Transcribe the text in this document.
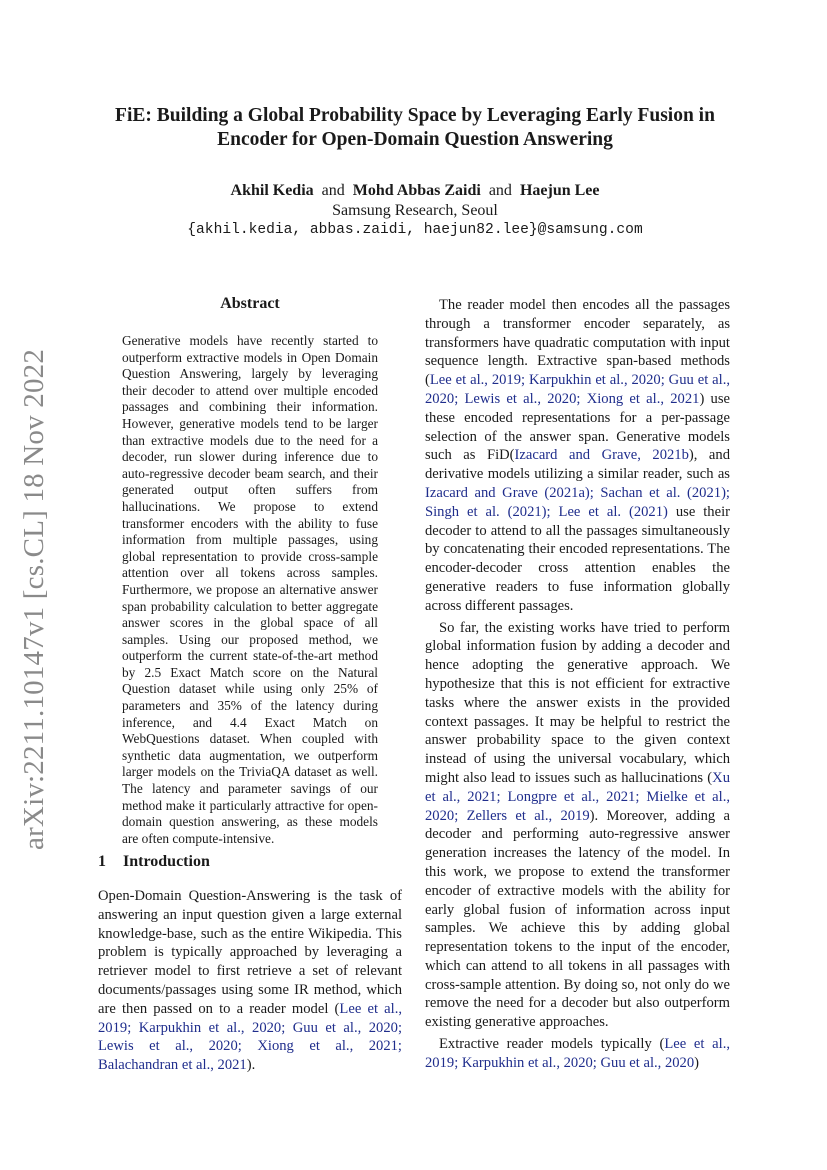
arXiv:2211.10147v1 [cs.CL] 18 Nov 2022
FiE: Building a Global Probability Space by Leveraging Early Fusion in Encoder for Open-Domain Question Answering
Akhil Kedia and Mohd Abbas Zaidi and Haejun Lee
Samsung Research, Seoul
{akhil.kedia, abbas.zaidi, haejun82.lee}@samsung.com
Abstract
Generative models have recently started to outperform extractive models in Open Domain Question Answering, largely by leveraging their decoder to attend over multiple encoded passages and combining their information. However, generative models tend to be larger than extractive models due to the need for a decoder, run slower during inference due to auto-regressive decoder beam search, and their generated output often suffers from hallucinations. We propose to extend transformer encoders with the ability to fuse information from multiple passages, using global representation to provide cross-sample attention over all tokens across samples. Furthermore, we propose an alternative answer span probability calculation to better aggregate answer scores in the global space of all samples. Using our proposed method, we outperform the current state-of-the-art method by 2.5 Exact Match score on the Natural Question dataset while using only 25% of parameters and 35% of the latency during inference, and 4.4 Exact Match on WebQuestions dataset. When coupled with synthetic data augmentation, we outperform larger models on the TriviaQA dataset as well. The latency and parameter savings of our method make it particularly attractive for open-domain question answering, as these models are often compute-intensive.
1 Introduction

Open-Domain Question-Answering is the task of answering an input question given a large external knowledge-base, such as the entire Wikipedia. This problem is typically approached by leveraging a retriever model to first retrieve a set of relevant documents/passages using some IR method, which are then passed on to a reader model (Lee et al., 2019; Karpukhin et al., 2020; Guu et al., 2020; Lewis et al., 2020; Xiong et al., 2021; Balachandran et al., 2021).

The reader model then encodes all the passages through a transformer encoder separately, as transformers have quadratic computation with input sequence length. Extractive span-based methods (Lee et al., 2019; Karpukhin et al., 2020; Guu et al., 2020; Lewis et al., 2020; Xiong et al., 2021) use these encoded representations for a per-passage selection of the answer span. Generative models such as FiD(Izacard and Grave, 2021b), and derivative models utilizing a similar reader, such as Izacard and Grave (2021a); Sachan et al. (2021); Singh et al. (2021); Lee et al. (2021) use their decoder to attend to all the passages simultaneously by concatenating their encoded representations. The encoder-decoder cross attention enables the generative readers to fuse information globally across different passages.

So far, the existing works have tried to perform global information fusion by adding a decoder and hence adopting the generative approach. We hypothesize that this is not efficient for extractive tasks where the answer exists in the provided context passages. It may be helpful to restrict the answer probability space to the given context instead of using the universal vocabulary, which might also lead to issues such as hallucinations (Xu et al., 2021; Longpre et al., 2021; Mielke et al., 2020; Zellers et al., 2019). Moreover, adding a decoder and performing auto-regressive answer generation increases the latency of the model. In this work, we propose to extend the transformer encoder of extractive models with the ability for early global fusion of information across input samples. We achieve this by adding global representation tokens to the input of the encoder, which can attend to all tokens in all passages with cross-sample attention. By doing so, not only do we remove the need for a decoder but also outperform existing generative approaches.

Extractive reader models typically (Lee et al., 2019; Karpukhin et al., 2020; Guu et al., 2020)
